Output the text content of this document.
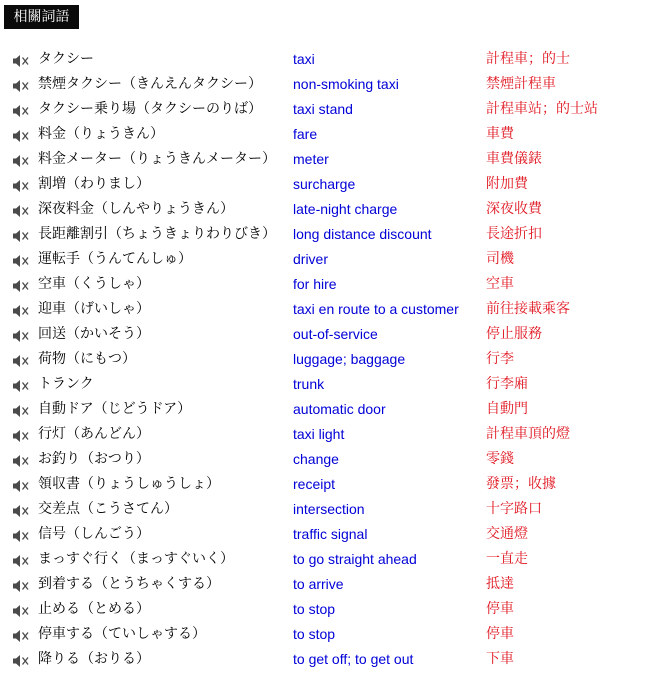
相關詞語
タクシー	taxi	計程車；的士
禁煙タクシー（きんえんタクシー） non-smoking taxi	禁煙計程車
タクシー乗り場（タクシーのりば） taxi stand	計程車站；的士站
料金（りょうきん）	fare	車費
料金メーター（りょうきんメーター） meter	車費儀錶
割増（わりまし）	surcharge	附加費
深夜料金（しんやりょうきん）	late-night charge	深夜收費
長距離割引（ちょうきょりわりびき） long distance discount	長途折扣
運転手（うんてんしゅ）	driver	司機
空車（くうしゃ）	for hire	空車
迎車（げいしゃ）	taxi en route to a customer 前往接載乘客
回送（かいそう）	out-of-service	停止服務
荷物（にもつ）	luggage; baggage	行李
トランク	trunk	行李廂
自動ドア（じどうドア）	automatic door	自動門
行灯（あんどん）	taxi light	計程車頂的燈
お釣り（おつり）	change	零錢
領収書（りょうしゅうしょ）	receipt	發票；收據
交差点（こうさてん）	intersection	十字路口
信号（しんごう）	traffic signal	交通燈
まっすぐ行く（まっすぐいく）	to go straight ahead	一直走
到着する（とうちゃくする）	to arrive	抵達
止める（とめる）	to stop	停車
停車する（ていしゃする）	to stop	停車
降りる（おりる）	to get off; to get out	下車
